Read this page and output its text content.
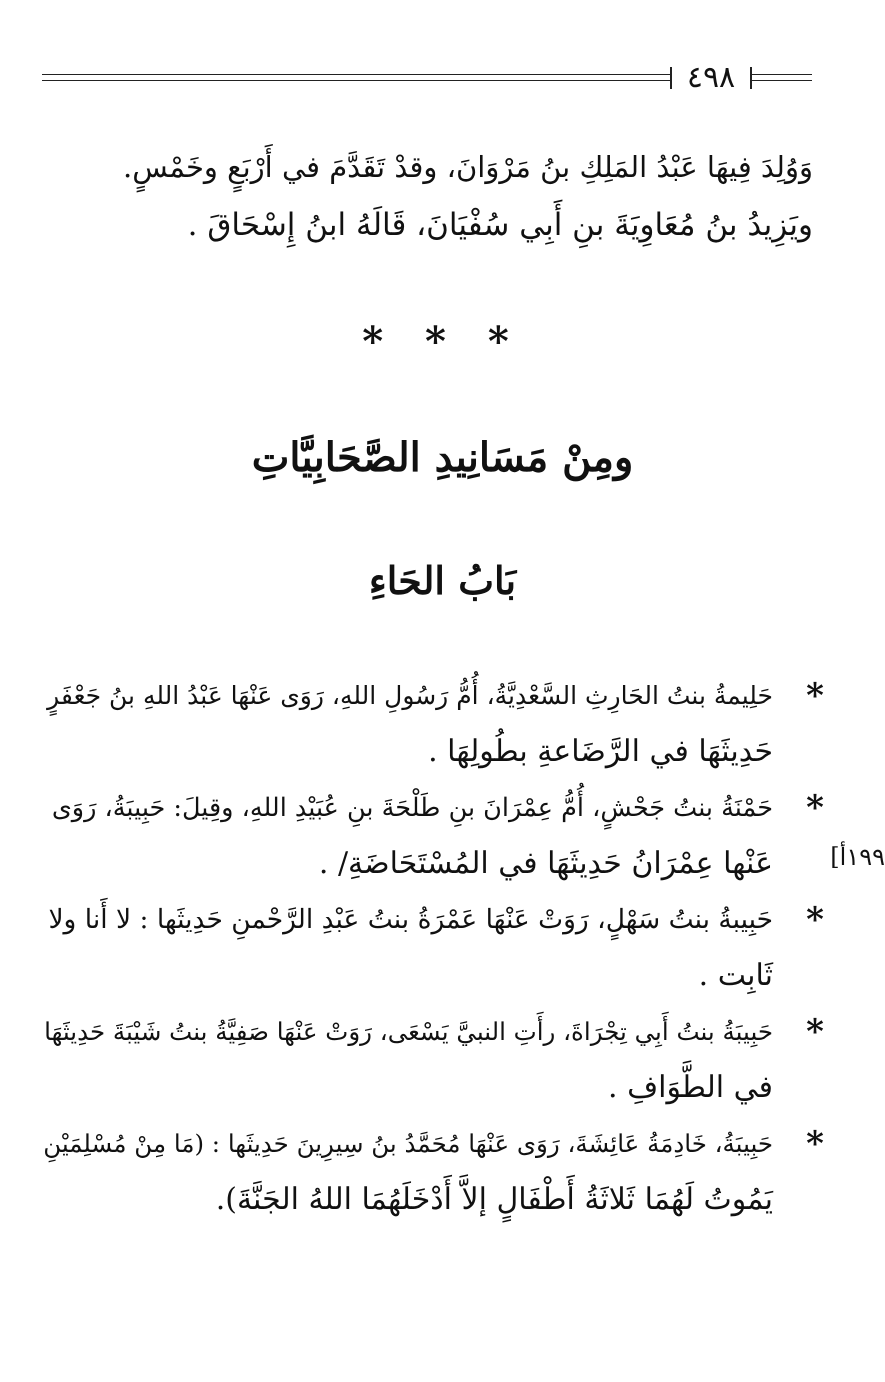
٤٩٨
وَوُلِدَ فِيهَا عَبْدُ المَلِكِ بنُ مَرْوَانَ، وقدْ تَقَدَّمَ في أَرْبَعٍ وخَمْسٍ.
ويَزِيدُ بنُ مُعَاوِيَةَ بنِ أَبِي سُفْيَانَ، قَالَهُ ابنُ إِسْحَاقَ .
* * *
ومِنْ مَسَانِيدِ الصَّحَابِيَّاتِ
بَابُ الحَاءِ
*
حَلِيمةُ بنتُ الحَارِثِ السَّعْدِيَّةُ، أُمُّ رَسُولِ اللهِ، رَوَى عَنْهَا عَبْدُ اللهِ بنُ جَعْفَرٍ
حَدِيثَهَا في الرَّضَاعةِ بطُولِهَا .
*
حَمْنَةُ بنتُ جَحْشٍ، أُمُّ عِمْرَانَ بنِ طَلْحَةَ بنِ عُبَيْدِ اللهِ، وقِيلَ: حَبِيبَةُ، رَوَى
عَنْها عِمْرَانُ حَدِيثَهَا في المُسْتَحَاضَةِ/ .
*
حَبِيبةُ بنتُ سَهْلٍ، رَوَتْ عَنْهَا عَمْرَةُ بنتُ عَبْدِ الرَّحْمنِ حَدِيثَها : لا أَنا ولا
ثَابِت .
*
حَبِيبَةُ بنتُ أَبِي تِجْرَاةَ، رأَتِ النبيَّ يَسْعَى، رَوَتْ عَنْهَا صَفِيَّةُ بنتُ شَيْبَةَ حَدِيثَهَا
في الطَّوَافِ .
*
حَبِيبَةُ، خَادِمَةُ عَائِشَةَ، رَوَى عَنْهَا مُحَمَّدُ بنُ سِيرِينَ حَدِيثَها : (مَا مِنْ مُسْلِمَيْنِ
يَمُوتُ لَهُمَا ثَلاثَةُ أَطْفَالٍ إلاَّ أَدْخَلَهُمَا اللهُ الجَنَّةَ).
١٩٩أ]
